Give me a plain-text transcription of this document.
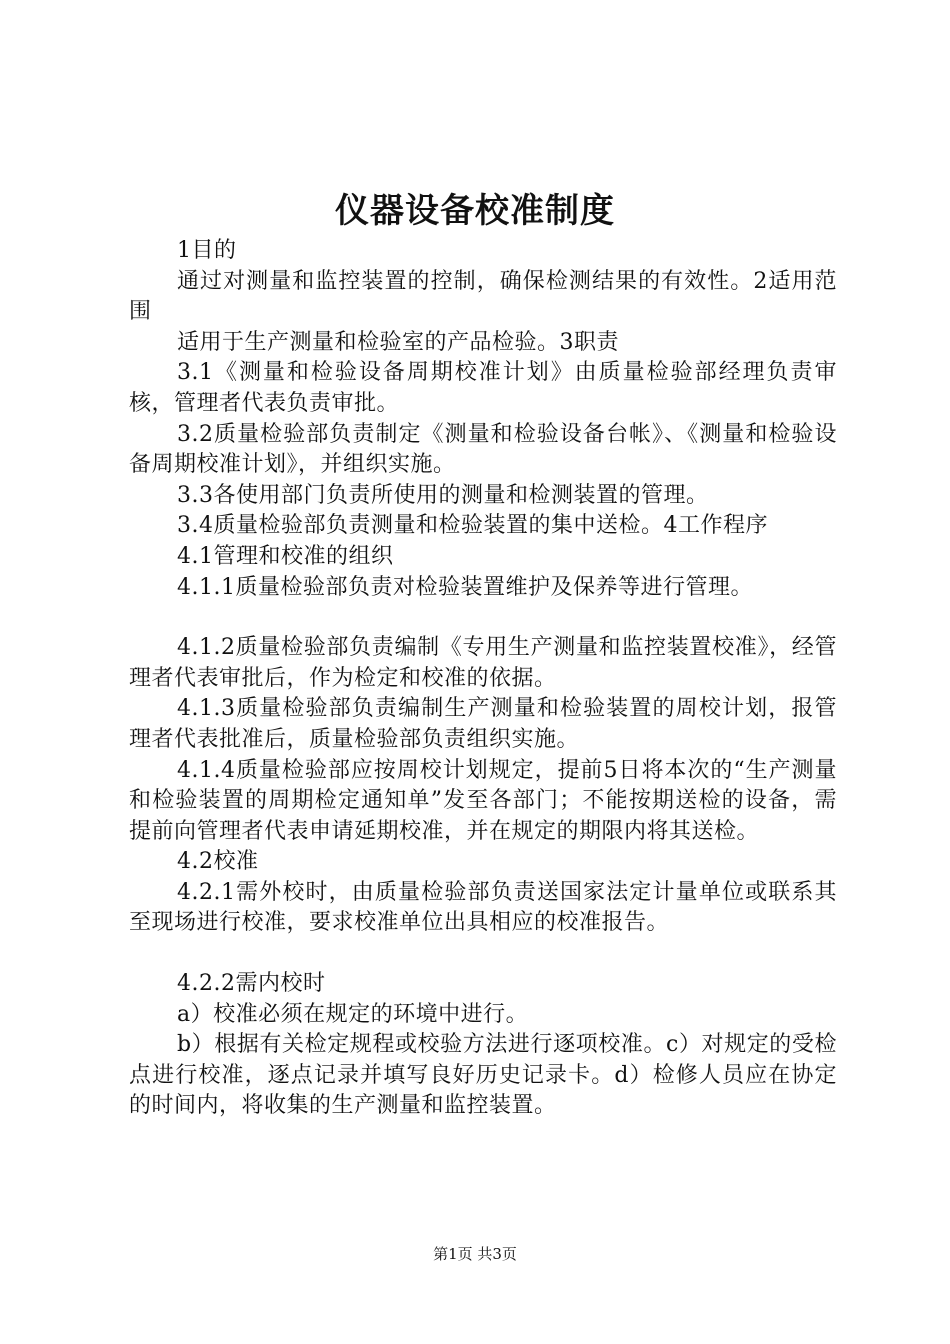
仪器设备校准制度

1目的

通过对测量和监控装置的控制，确保检测结果的有效性。2适用范围

适用于生产测量和检验室的产品检验。3职责

3.1《测量和检验设备周期校准计划》由质量检验部经理负责审核，管理者代表负责审批。

3.2质量检验部负责制定《测量和检验设备台帐》、《测量和检验设备周期校准计划》，并组织实施。

3.3各使用部门负责所使用的测量和检测装置的管理。

3.4质量检验部负责测量和检验装置的集中送检。4工作程序

4.1管理和校准的组织

4.1.1质量检验部负责对检验装置维护及保养等进行管理。

4.1.2质量检验部负责编制《专用生产测量和监控装置校准》，经管理者代表审批后，作为检定和校准的依据。

4.1.3质量检验部负责编制生产测量和检验装置的周校计划，报管理者代表批准后，质量检验部负责组织实施。

4.1.4质量检验部应按周校计划规定，提前5日将本次的“生产测量和检验装置的周期检定通知单”发至各部门；不能按期送检的设备，需提前向管理者代表申请延期校准，并在规定的期限内将其送检。

4.2校准

4.2.1需外校时，由质量检验部负责送国家法定计量单位或联系其至现场进行校准，要求校准单位出具相应的校准报告。

4.2.2需内校时

a）校准必须在规定的环境中进行。

b）根据有关检定规程或校验方法进行逐项校准。c）对规定的受检点进行校准，逐点记录并填写良好历史记录卡。d）检修人员应在协定的时间内，将收集的生产测量和监控装置。

第1页 共3页
